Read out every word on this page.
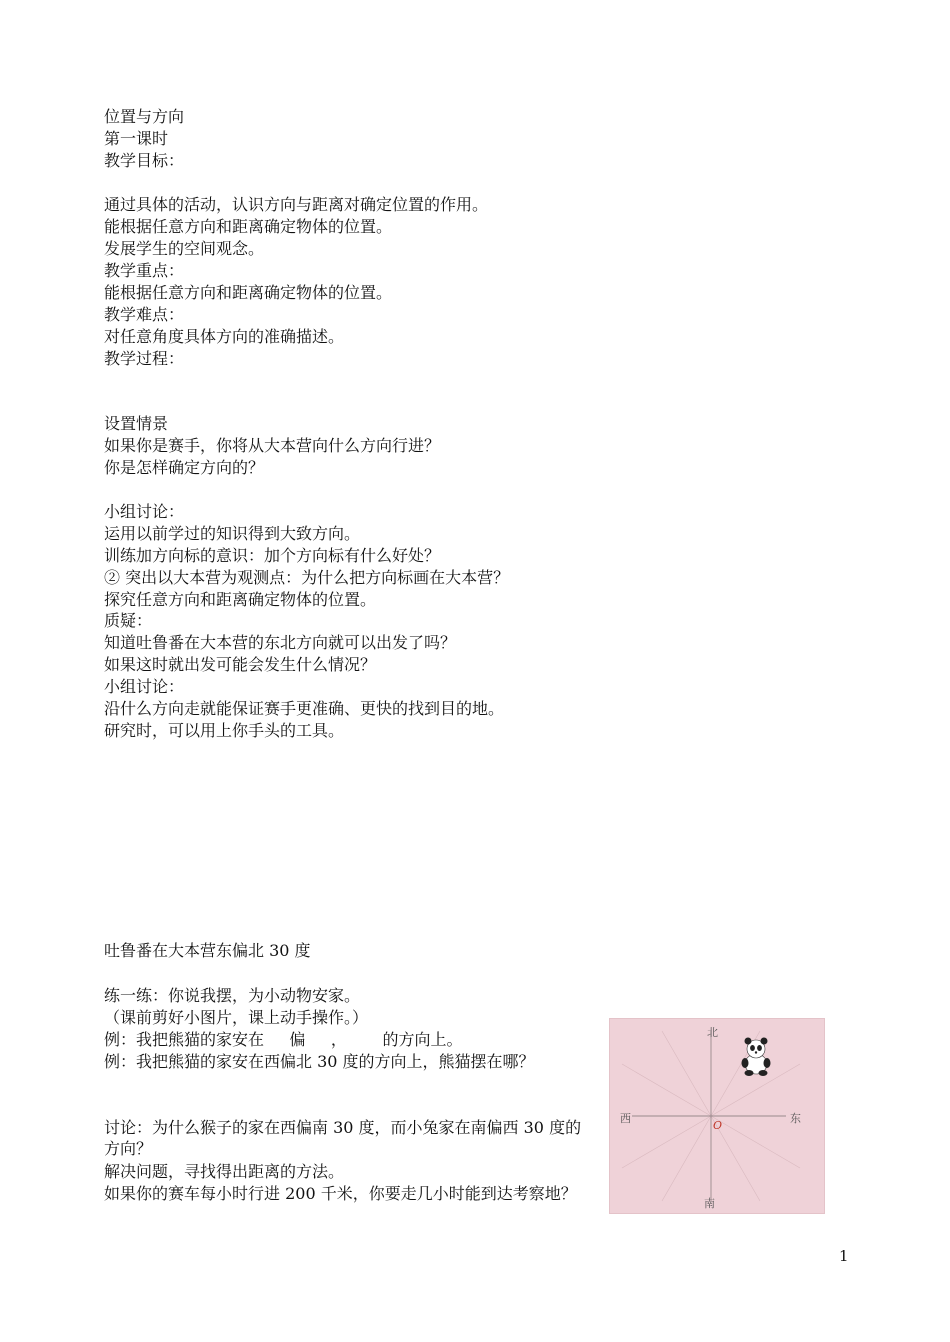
位置与方向
第一课时
教学目标：
通过具体的活动，认识方向与距离对确定位置的作用。
能根据任意方向和距离确定物体的位置。
发展学生的空间观念。
教学重点：
能根据任意方向和距离确定物体的位置。
教学难点：
对任意角度具体方向的准确描述。
教学过程：
设置情景
如果你是赛手，你将从大本营向什么方向行进？
你是怎样确定方向的？
小组讨论：
运用以前学过的知识得到大致方向。
训练加方向标的意识：加个方向标有什么好处？
② 突出以大本营为观测点：为什么把方向标画在大本营？
探究任意方向和距离确定物体的位置。
质疑：
知道吐鲁番在大本营的东北方向就可以出发了吗？
如果这时就出发可能会发生什么情况？
小组讨论：
沿什么方向走就能保证赛手更准确、更快的找到目的地。
研究时，可以用上你手头的工具。
吐鲁番在大本营东偏北 30 度
练一练：你说我摆，为小动物安家。
（课前剪好小图片，课上动手操作。）
例：我把熊猫的家安在     偏     ，       的方向上。
例：我把熊猫的家安在西偏北 30 度的方向上，熊猫摆在哪？
讨论：为什么猴子的家在西偏南 30 度，而小兔家在南偏西 30 度的方向？
解决问题，寻找得出距离的方法。
如果你的赛车每小时行进 200 千米，你要走几小时能到达考察地？
北
南
东
西
O
1
